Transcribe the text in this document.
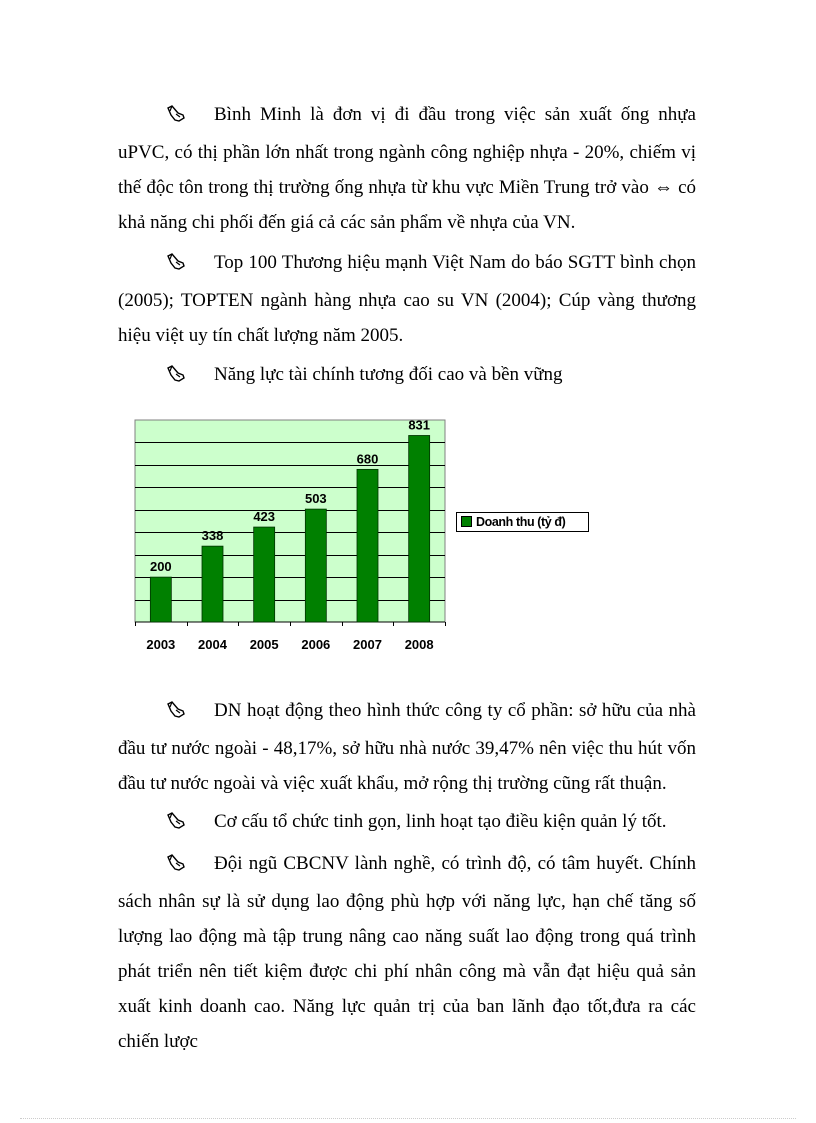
Bình Minh là đơn vị đi đầu trong việc sản xuất ống nhựa uPVC, có thị phần lớn nhất trong ngành công nghiệp nhựa - 20%, chiếm vị thế độc tôn trong thị trường ống nhựa từ khu vực Miền Trung trở vào ⇔ có khả năng chi phối đến giá cả các sản phẩm về nhựa của VN.

Top 100 Thương hiệu mạnh Việt Nam do báo SGTT bình chọn (2005); TOPTEN ngành hàng nhựa cao su VN (2004); Cúp vàng thương hiệu việt uy tín chất lượng năm 2005.

Năng lực tài chính tương đối cao và bền vững

200
2003
338
2004
423
2005
503
2006
680
2007
831
2008
Doanh thu (tỷ đ)

DN hoạt động theo hình thức công ty cổ phần: sở hữu của nhà đầu tư nước ngoài - 48,17%, sở hữu nhà nước 39,47% nên việc thu hút vốn đầu tư nước ngoài và việc xuất khẩu, mở rộng thị trường cũng rất thuận.

Cơ cấu tổ chức tinh gọn, linh hoạt tạo điều kiện quản lý tốt.

Đội ngũ CBCNV lành nghề, có trình độ, có tâm huyết. Chính sách nhân sự là sử dụng lao động phù hợp với năng lực, hạn chế tăng số lượng lao động mà tập trung nâng cao năng suất lao động trong quá trình phát triển nên tiết kiệm được chi phí nhân công mà vẫn đạt hiệu quả sản xuất kinh doanh cao. Năng lực quản trị của ban lãnh đạo tốt,đưa ra các chiến lược
